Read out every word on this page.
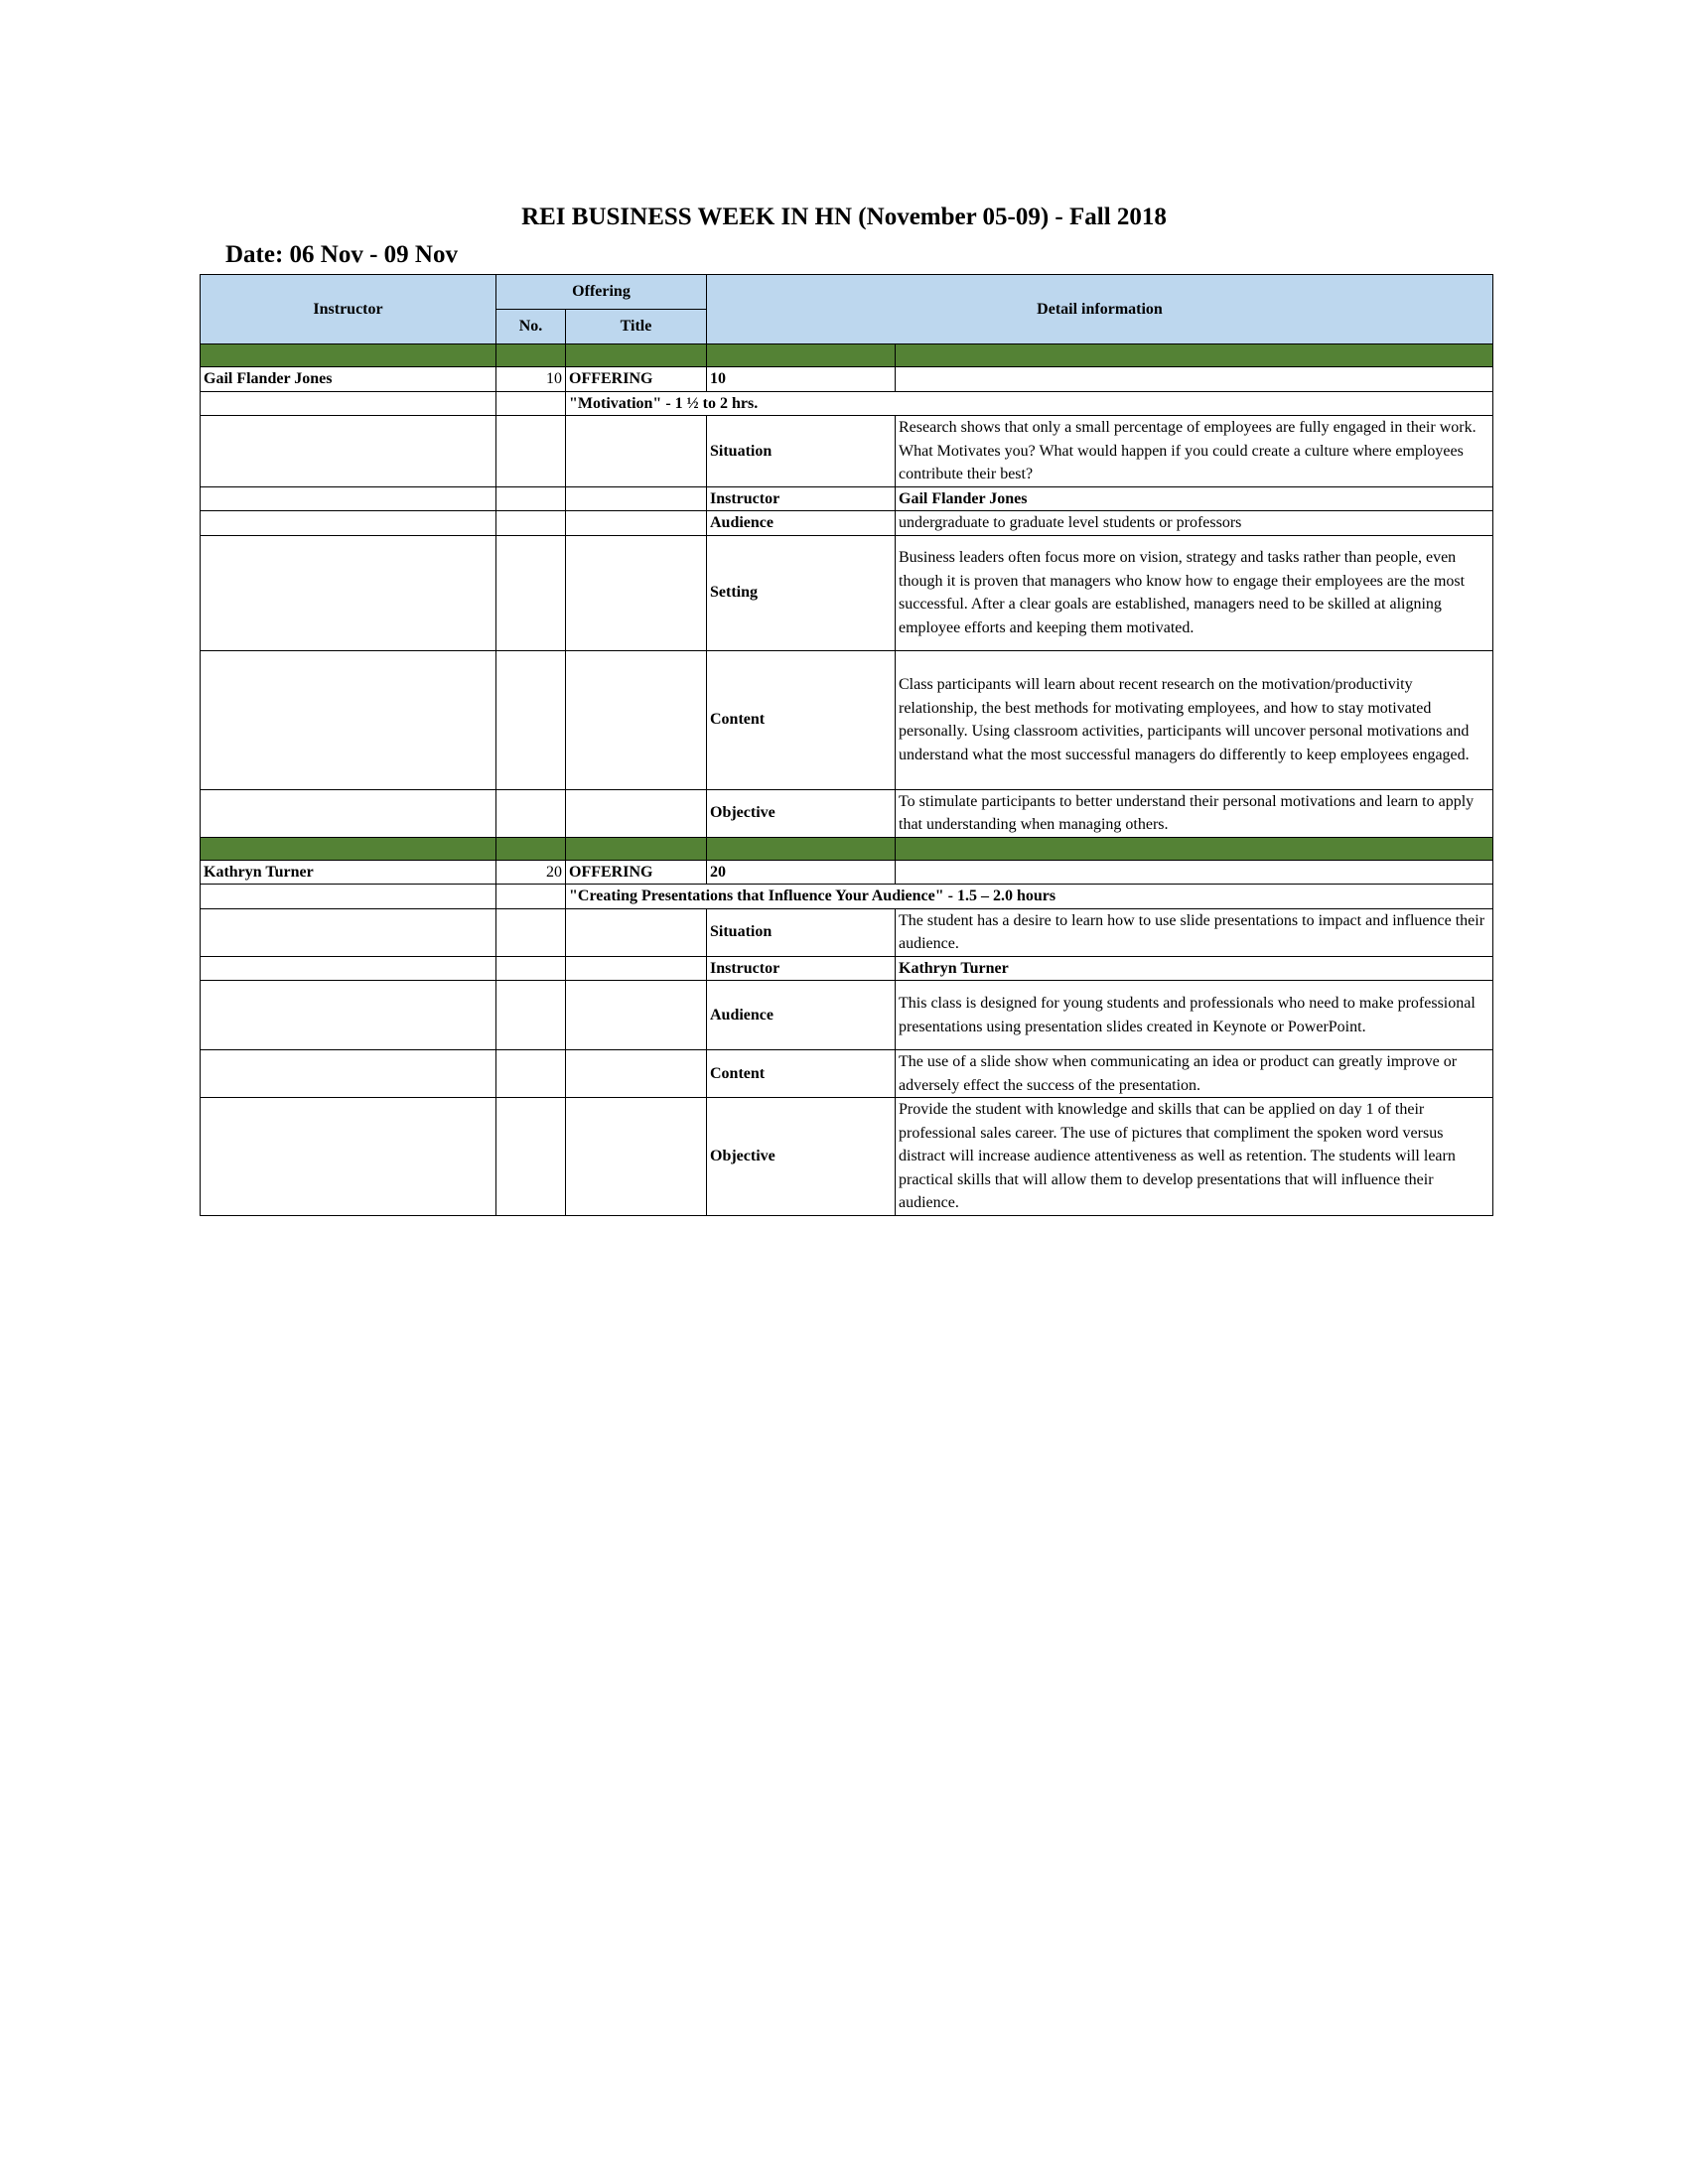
REI BUSINESS WEEK IN HN (November 05-09) - Fall 2018
Date: 06 Nov - 09 Nov
Instructor	Offering		Detail information	
	No.	Title		

Gail Flander Jones	10	OFFERING	10	
		"Motivation" - 1 ½ to 2 hrs.		
			Situation	Research shows that only a small percentage of employees are fully engaged in their work. What Motivates you? What would happen if you could create a culture where employees contribute their best?
			Instructor	Gail Flander Jones
			Audience	undergraduate to graduate level students or professors
			Setting	Business leaders often focus more on vision, strategy and tasks rather than people, even though it is proven that managers who know how to engage their employees are the most successful. After a clear goals are established, managers need to be skilled at aligning employee efforts and keeping them motivated.
			Content	Class participants will learn about recent research on the motivation/productivity relationship, the best methods for motivating employees, and how to stay motivated personally. Using classroom activities, participants will uncover personal motivations and understand what the most successful managers do differently to keep employees engaged.
			Objective	To stimulate participants to better understand their personal motivations and learn to apply that understanding when managing others.

Kathryn Turner	20	OFFERING	20	
		"Creating Presentations that Influence Your Audience" - 1.5 – 2.0 hours		
			Situation	The student has a desire to learn how to use slide presentations to impact and influence their audience.
			Instructor	Kathryn Turner
			Audience	This class is designed for young students and professionals who need to make professional presentations using presentation slides created in Keynote or PowerPoint.
			Content	The use of a slide show when communicating an idea or product can greatly improve or adversely effect the success of the presentation.
			Objective	Provide the student with knowledge and skills that can be applied on day 1 of their professional sales career. The use of pictures that compliment the spoken word versus distract will increase audience attentiveness as well as retention. The students will learn practical skills that will allow them to develop presentations that will influence their audience.
